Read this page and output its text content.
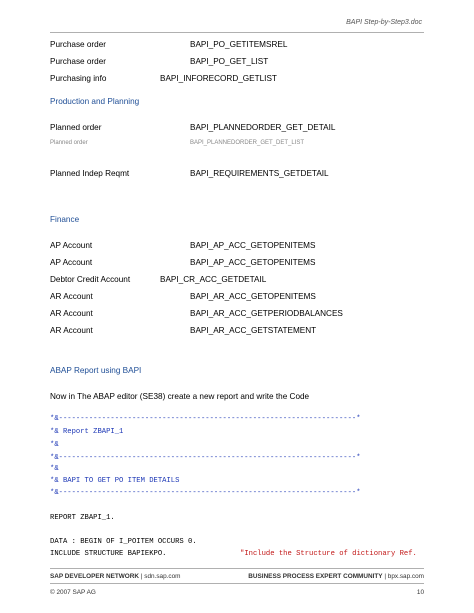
BAPI Step-by-Step3.doc
Purchase order	BAPI_PO_GETITEMSREL
Purchase order	BAPI_PO_GET_LIST
Purchasing info	BAPI_INFORECORD_GETLIST
Production and Planning
Planned order	BAPI_PLANNEDORDER_GET_DETAIL
Planned order	BAPI_PLANNEDORDER_GET_DET_LIST
Planned Indep Reqmt	BAPI_REQUIREMENTS_GETDETAIL
Finance
AP Account	BAPI_AP_ACC_GETOPENITEMS
AP Account	BAPI_AP_ACC_GETOPENITEMS
Debtor Credit Account	BAPI_CR_ACC_GETDETAIL
AR Account	BAPI_AR_ACC_GETOPENITEMS
AR Account	BAPI_AR_ACC_GETPERIODBALANCES
AR Account	BAPI_AR_ACC_GETSTATEMENT
ABAP Report using BAPI
Now in The ABAP editor (SE38) create a new report and write the Code
*&---------------------------------------------------------------------*
*& Report ZBAPI_1
*&
*&---------------------------------------------------------------------*
*&
*& BAPI TO GET PO ITEM DETAILS
*&---------------------------------------------------------------------*
REPORT ZBAPI_1.
DATA : BEGIN OF I_POITEM OCCURS 0.
INCLUDE STRUCTURE BAPIEKPO.	"Include the Structure of dictionary Ref.
SAP DEVELOPER NETWORK | sdn.sap.com	BUSINESS PROCESS EXPERT COMMUNITY | bpx.sap.com
© 2007 SAP AG	10
